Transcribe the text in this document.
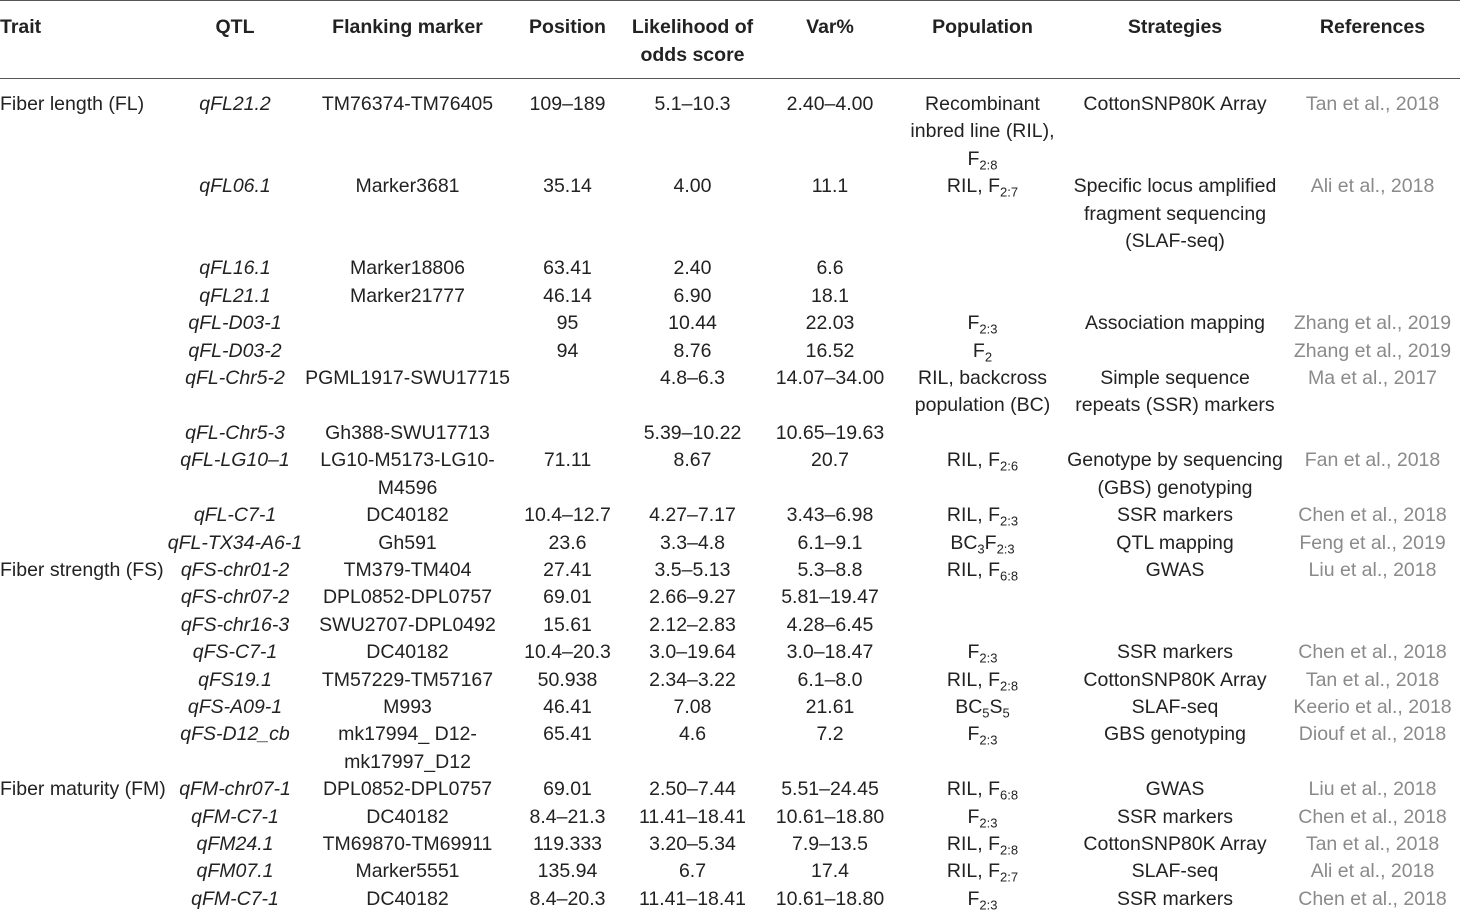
Trait	QTL	Flanking marker	Position	Likelihood of odds score	Var%	Population	Strategies	References
Fiber length (FL)	qFL21.2	TM76374-TM76405	109–189	5.1–10.3	2.40–4.00	Recombinant inbred line (RIL), $F_{2:8}$	CottonSNP80K Array	Tan et al., 2018
	qFL06.1	Marker3681	35.14	4.00	11.1	RIL, $F_{2:7}$	Specific locus amplified fragment sequencing (SLAF-seq)	Ali et al., 2018
	qFL16.1	Marker18806	63.41	2.40	6.6			
	qFL21.1	Marker21777	46.14	6.90	18.1			
	qFL-D03-1		95	10.44	22.03	$F_{2:3}$	Association mapping	Zhang et al., 2019
	qFL-D03-2		94	8.76	16.52	$F_2$		Zhang et al., 2019
	qFL-Chr5-2	PGML1917-SWU17715		4.8–6.3	14.07–34.00	RIL, backcross population (BC)	Simple sequence repeats (SSR) markers	Ma et al., 2017
	qFL-Chr5-3	Gh388-SWU17713		5.39–10.22	10.65–19.63			
	qFL-LG10–1	LG10-M5173-LG10-M4596	71.11	8.67	20.7	RIL, $F_{2:6}$	Genotype by sequencing (GBS) genotyping	Fan et al., 2018
	qFL-C7-1	DC40182	10.4–12.7	4.27–7.17	3.43–6.98	RIL, $F_{2:3}$	SSR markers	Chen et al., 2018
	qFL-TX34-A6-1	Gh591	23.6	3.3–4.8	6.1–9.1	$BC_3F_{2:3}$	QTL mapping	Feng et al., 2019
Fiber strength (FS)	qFS-chr01-2	TM379-TM404	27.41	3.5–5.13	5.3–8.8	RIL, $F_{6:8}$	GWAS	Liu et al., 2018
	qFS-chr07-2	DPL0852-DPL0757	69.01	2.66–9.27	5.81–19.47			
	qFS-chr16-3	SWU2707-DPL0492	15.61	2.12–2.83	4.28–6.45			
	qFS-C7-1	DC40182	10.4–20.3	3.0–19.64	3.0–18.47	$F_{2:3}$	SSR markers	Chen et al., 2018
	qFS19.1	TM57229-TM57167	50.938	2.34–3.22	6.1–8.0	RIL, $F_{2:8}$	CottonSNP80K Array	Tan et al., 2018
	qFS-A09-1	M993	46.41	7.08	21.61	$BC_5S_5$	SLAF-seq	Keerio et al., 2018
	qFS-D12_cb	mk17994_ D12-mk17997_D12	65.41	4.6	7.2	$F_{2:3}$	GBS genotyping	Diouf et al., 2018
Fiber maturity (FM)	qFM-chr07-1	DPL0852-DPL0757	69.01	2.50–7.44	5.51–24.45	RIL, $F_{6:8}$	GWAS	Liu et al., 2018
	qFM-C7-1	DC40182	8.4–21.3	11.41–18.41	10.61–18.80	$F_{2:3}$	SSR markers	Chen et al., 2018
	qFM24.1	TM69870-TM69911	119.333	3.20–5.34	7.9–13.5	RIL, $F_{2:8}$	CottonSNP80K Array	Tan et al., 2018
	qFM07.1	Marker5551	135.94	6.7	17.4	RIL, $F_{2:7}$	SLAF-seq	Ali et al., 2018
	qFM-C7-1	DC40182	8.4–20.3	11.41–18.41	10.61–18.80	$F_{2:3}$	SSR markers	Chen et al., 2018
